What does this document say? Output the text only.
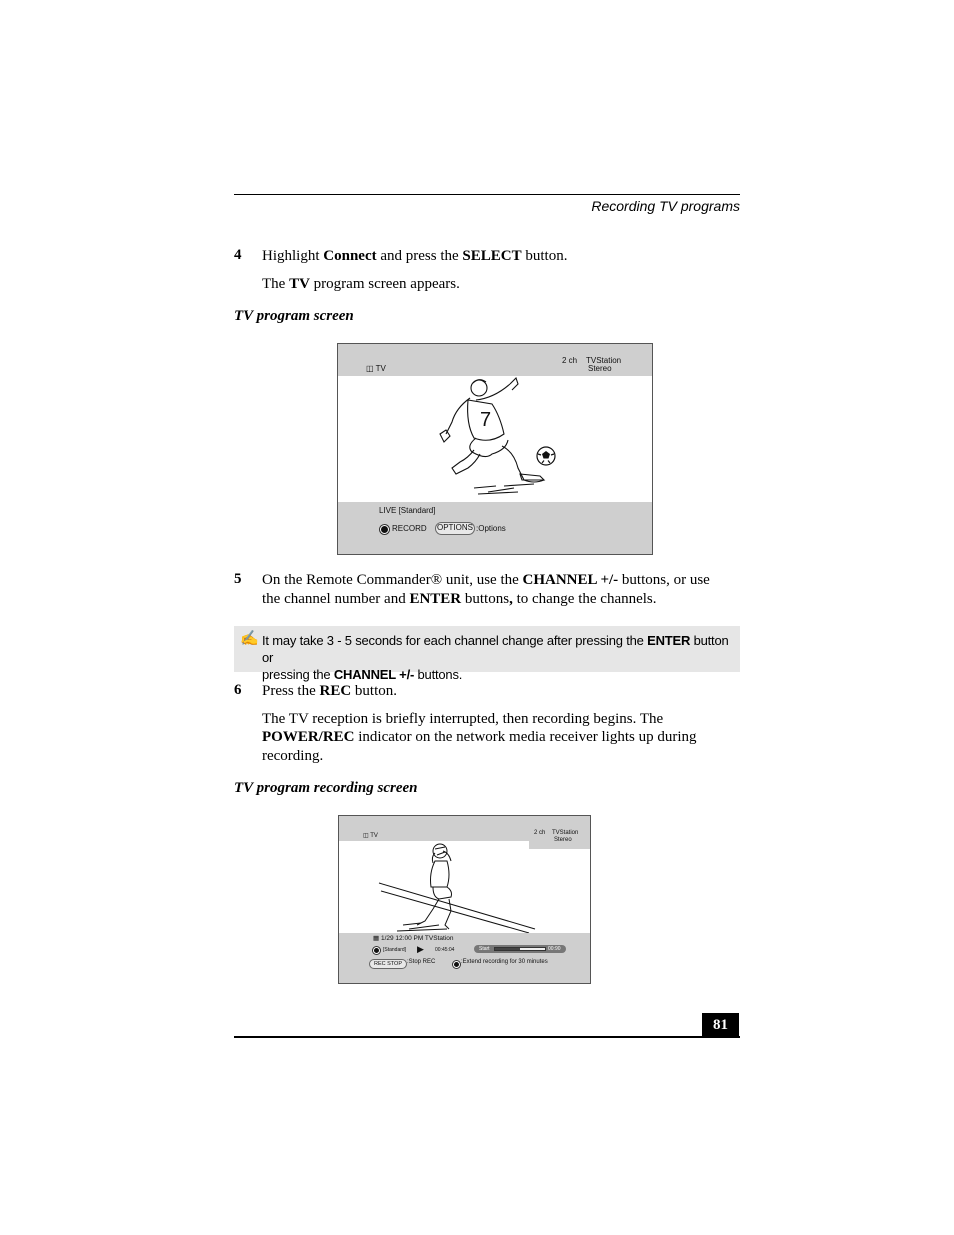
Recording TV programs
4 Highlight Connect and press the SELECT button.
The TV program screen appears.
TV program screen
◫ TV
2 ch TVStation
Stereo
7
LIVE [Standard]
RECORD OPTIONS :Options
5 On the Remote Commander® unit, use the CHANNEL +/- buttons, or use
the channel number and ENTER buttons, to change the channels.
✍ It may take 3 - 5 seconds for each channel change after pressing the ENTER button or
pressing the CHANNEL +/- buttons.
6 Press the REC button.
The TV reception is briefly interrupted, then recording begins. The
POWER/REC indicator on the network media receiver lights up during
recording.
TV program recording screen
◫ TV	2 ch TVStation
Stereo
▦ 1/29 12:00 PM TVStation
[Standard] ▶ 00:45:04	Start	00:90
REC STOP :Stop REC	:Extend recording for 30 minutes
81
